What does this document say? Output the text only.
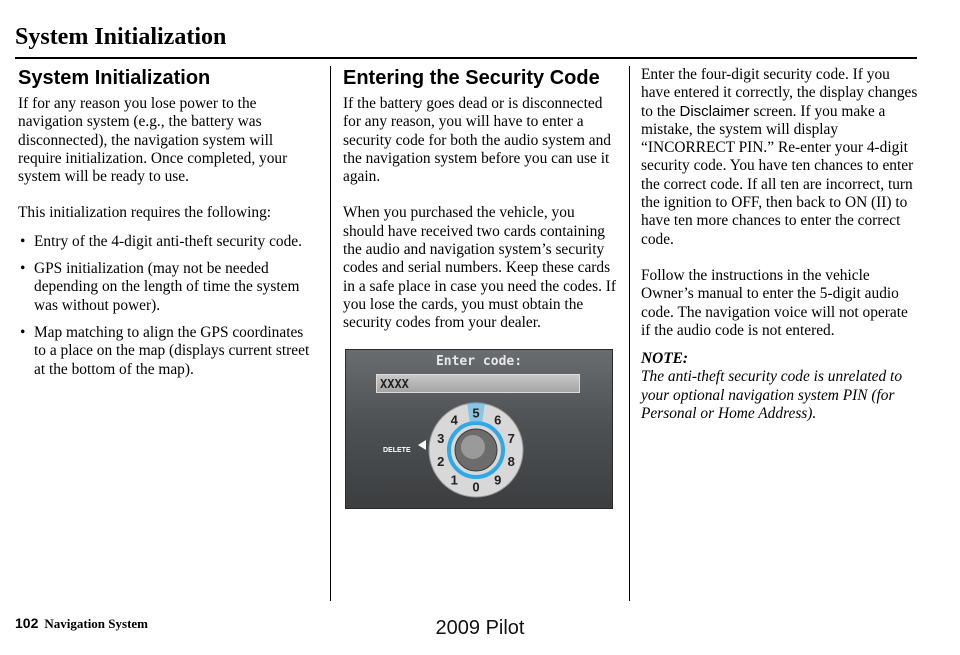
System Initialization
System Initialization

If for any reason you lose power to the navigation system (e.g., the battery was disconnected), the navigation system will require initialization. Once completed, your system will be ready to use.

This initialization requires the following:

• Entry of the 4-digit anti-theft security code.
• GPS initialization (may not be needed depending on the length of time the system was without power).
• Map matching to align the GPS coordinates to a place on the map (displays current street at the bottom of the map).
Entering the Security Code

If the battery goes dead or is disconnected for any reason, you will have to enter a security code for both the audio system and the navigation system before you can use it again.

When you purchased the vehicle, you should have received two cards containing the audio and navigation system’s security codes and serial numbers. Keep these cards in a safe place in case you need the codes. If you lose the cards, you must obtain the security codes from your dealer.

Enter code:
XXXX
DELETE
5 6
7
8
9
0
1
2
3
4

Enter the four-digit security code. If you have entered it correctly, the display changes to the Disclaimer screen. If you make a mistake, the system will display “INCORRECT PIN.” Re-enter your 4-digit security code. You have ten chances to enter the correct code. If all ten are incorrect, turn the ignition to OFF, then back to ON (II) to have ten more chances to enter the correct code.

Follow the instructions in the vehicle Owner’s manual to enter the 5-digit audio code. The navigation voice will not operate if the audio code is not entered.

NOTE:

The anti-theft security code is unrelated to your optional navigation system PIN (for Personal or Home Address).

102 Navigation System	2009 Pilot
